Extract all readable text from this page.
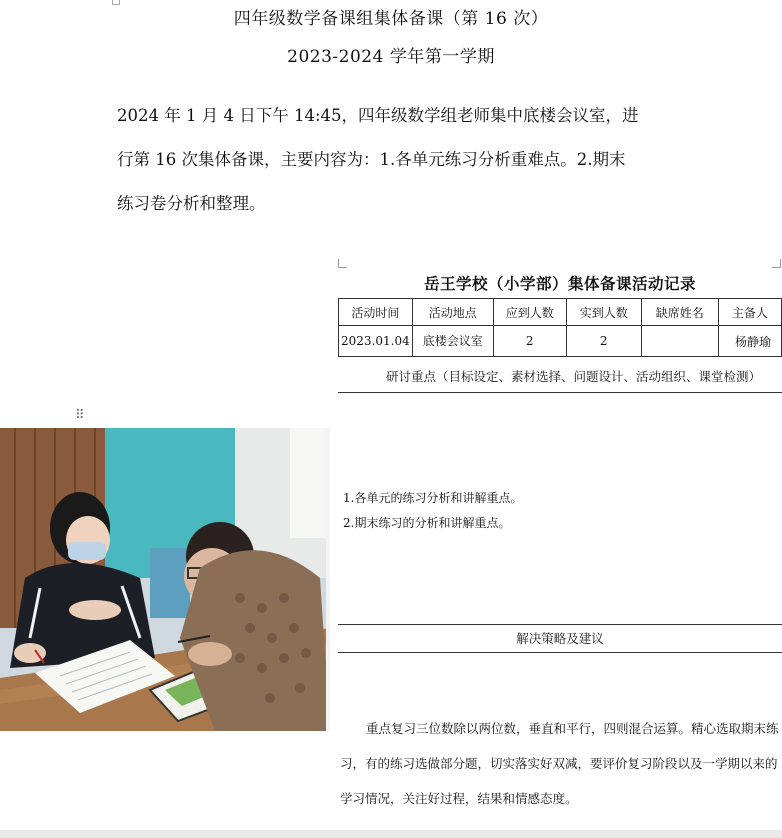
四年级数学备课组集体备课（第 16 次）
2023-2024 学年第一学期

2024 年 1 月 4 日下午 14:45，四年级数学组老师集中底楼会议室，进

行第 16 次集体备课，主要内容为：1.各单元练习分析重难点。2.期末

练习卷分析和整理。

岳王学校（小学部）集体备课活动记录
活动时间	活动地点	应到人数	实到人数	缺席姓名	主备人
2023.01.04	底楼会议室	2	2		杨静瑜
研讨重点（目标设定、素材选择、问题设计、活动组织、课堂检测）
1.各单元的练习分析和讲解重点。
2.期末练习的分析和讲解重点。
解决策略及建议
重点复习三位数除以两位数，垂直和平行，四则混合运算。精心选取期末练
习，有的练习选做部分题，切实落实好双减，要评价复习阶段以及一学期以来的
学习情况，关注好过程，结果和情感态度。
⠿
